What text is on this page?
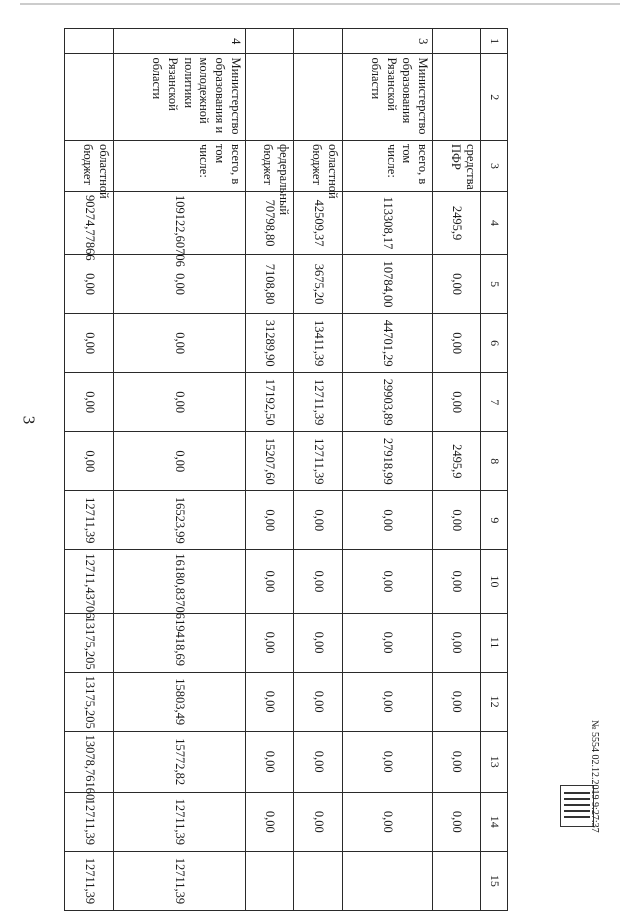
3
1	2	3	4	5	6	7	8	9	10	11	12	13	14	15
		средства ПФР	2495,9	0,00	0,00	0,00	2495,9	0,00	0,00	0,00	0,00	0,00	0,00	
3	Министерство образования Рязанской области	всего, в том числе:	113308,17	10784,00	44701,29	29903,89	27918,99	0,00	0,00	0,00	0,00	0,00	0,00	
		областной бюджет	42509,37	3675,20	13411,39	12711,39	12711,39	0,00	0,00	0,00	0,00	0,00	0,00	
		федеральный бюджет	70798,80	7108,80	31289,90	17192,50	15207,60	0,00	0,00	0,00	0,00	0,00	0,00	
4	Министерство образования и молодежной политики Рязанской области	всего, в том числе:	109122,60706	0,00	0,00	0,00	0,00	16523,99	16180,83706	19418,69	15803,49	15772,82	12711,39	12711,39
		областной бюджет	90274,77866	0,00	0,00	0,00	0,00	12711,39	12711,43706	13175,205	13175,205	13078,76160	12711,39	12711,39
№ 5554 02.12.2019 9:27:37
